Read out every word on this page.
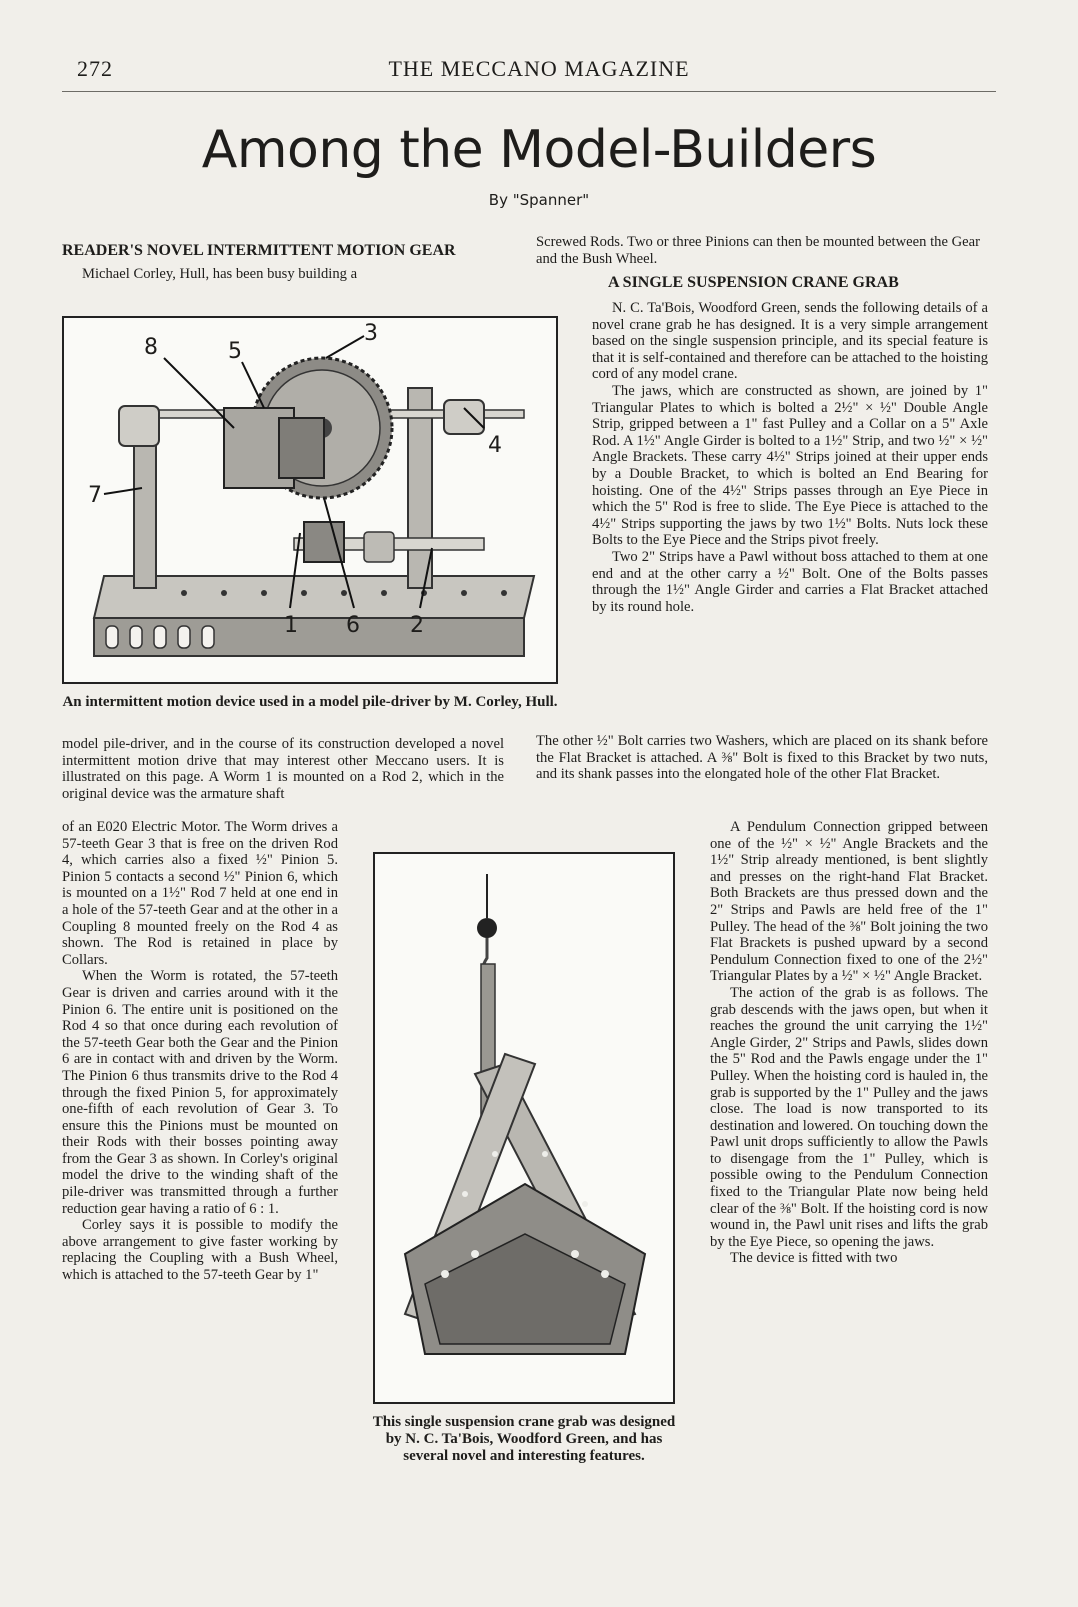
272	THE MECCANO MAGAZINE
Among the Model-Builders
By "Spanner"
READER'S NOVEL INTERMITTENT MOTION GEAR
Michael Corley, Hull, has been busy building a
8	5
3
4
7
1 6 2
An intermittent motion device used in a model pile-driver by M. Corley, Hull.
model pile-driver, and in the course of its construction developed a novel intermittent motion drive that may interest other Meccano users. It is illustrated on this page. A Worm 1 is mounted on a Rod 2, which in the original device was the armature shaft

of an E020 Electric Motor. The Worm drives a 57-teeth Gear 3 that is free on the driven Rod 4, which carries also a fixed ½" Pinion 5. Pinion 5 contacts a second ½" Pinion 6, which is mounted on a 1½" Rod 7 held at one end in a hole of the 57-teeth Gear and at the other in a Coupling 8 mounted freely on the Rod 4 as shown. The Rod is retained in place by Collars.

When the Worm is rotated, the 57-teeth Gear is driven and carries around with it the Pinion 6. The entire unit is positioned on the Rod 4 so that once during each revolution of the 57-teeth Gear both the Gear and the Pinion 6 are in contact with and driven by the Worm. The Pinion 6 thus transmits drive to the Rod 4 through the fixed Pinion 5, for approximately one-fifth of each revolution of Gear 3. To ensure this the Pinions must be mounted on their Rods with their bosses pointing away from the Gear 3 as shown. In Corley's original model the drive to the winding shaft of the pile-driver was transmitted through a further reduction gear having a ratio of 6 : 1.

Corley says it is possible to modify the above arrangement to give faster working by replacing the Coupling with a Bush Wheel, which is attached to the 57-teeth Gear by 1"

Screwed Rods. Two or three Pinions can then be mounted between the Gear and the Bush Wheel.
A SINGLE SUSPENSION CRANE GRAB

N. C. Ta'Bois, Woodford Green, sends the following details of a novel crane grab he has designed. It is a very simple arrangement based on the single suspension principle, and its special feature is that it is self-contained and therefore can be attached to the hoisting cord of any model crane.

The jaws, which are constructed as shown, are joined by 1" Triangular Plates to which is bolted a 2½" × ½" Double Angle Strip, gripped between a 1" fast Pulley and a Collar on a 5" Axle Rod. A 1½" Angle Girder is bolted to a 1½" Strip, and two ½" × ½" Angle Brackets. These carry 4½" Strips joined at their upper ends by a Double Bracket, to which is bolted an End Bearing for hoisting. One of the 4½" Strips passes through an Eye Piece in which the 5" Rod is free to slide. The Eye Piece is attached to the 4½" Strips supporting the jaws by two 1½" Bolts. Nuts lock these Bolts to the Eye Piece and the Strips pivot freely.

Two 2" Strips have a Pawl without boss attached to them at one end and at the other carry a ½" Bolt. One of the Bolts passes through the 1½" Angle Girder and carries a Flat Bracket attached by its round hole.

The other ½" Bolt carries two Washers, which are placed on its shank before the Flat Bracket is attached. A ⅜" Bolt is fixed to this Bracket by two nuts, and its shank passes into the elongated hole of the other Flat Bracket.
This single suspension crane grab was designed by N. C. Ta'Bois, Woodford Green, and has several novel and interesting features.

A Pendulum Connection gripped between one of the ½" × ½" Angle Brackets and the 1½" Strip already mentioned, is bent slightly and presses on the right-hand Flat Bracket. Both Brackets are thus pressed down and the 2" Strips and Pawls are held free of the 1" Pulley. The head of the ⅜" Bolt joining the two Flat Brackets is pushed upward by a second Pendulum Connection fixed to one of the 2½" Triangular Plates by a ½" × ½" Angle Bracket.

The action of the grab is as follows. The grab descends with the jaws open, but when it reaches the ground the unit carrying the 1½" Angle Girder, 2" Strips and Pawls, slides down the 5" Rod and the Pawls engage under the 1" Pulley. When the hoisting cord is hauled in, the grab is supported by the 1" Pulley and the jaws close. The load is now transported to its destination and lowered. On touching down the Pawl unit drops sufficiently to allow the Pawls to disengage from the 1" Pulley, which is possible owing to the Pendulum Connection fixed to the Triangular Plate now being held clear of the ⅜" Bolt. If the hoisting cord is now wound in, the Pawl unit rises and lifts the grab by the Eye Piece, so opening the jaws.

The device is fitted with two
